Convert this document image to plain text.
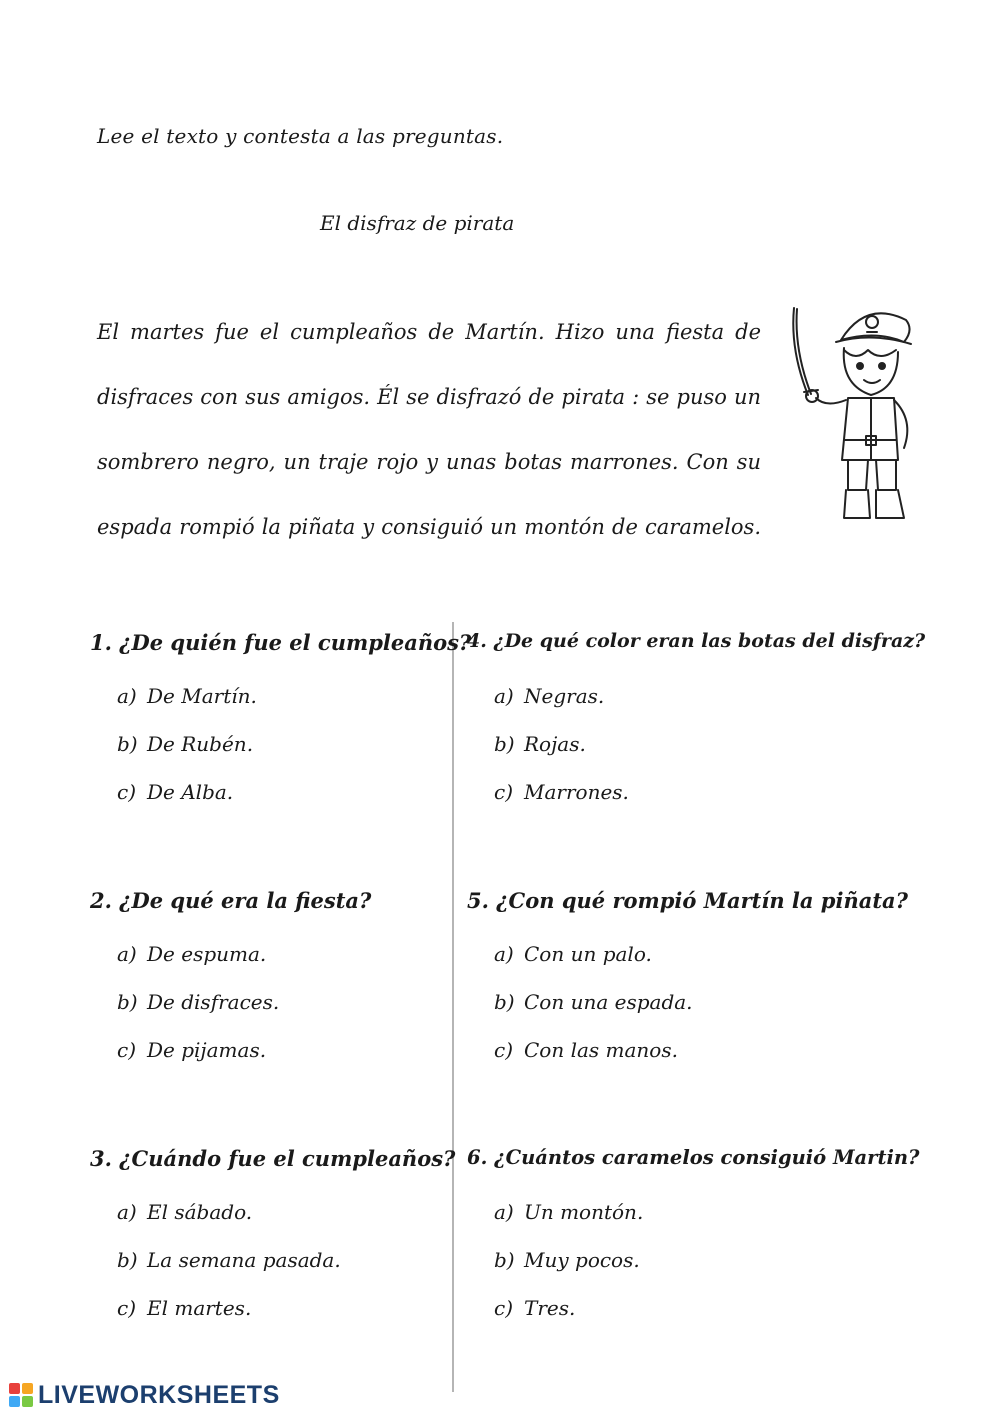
Lee el texto y contesta a las preguntas.
El disfraz de pirata
El martes fue el cumpleaños de Martín. Hizo una fiesta de
disfraces con sus amigos. Él se disfrazó de pirata : se puso un
sombrero negro, un traje rojo y unas botas marrones. Con su
espada rompió la piñata y consiguió un montón de caramelos.

1. ¿De quién fue el cumpleaños?

a) De Martín.
b) De Rubén.
c) De Alba.

2. ¿De qué era la fiesta?

a) De espuma.
b) De disfraces.
c) De pijamas.

3. ¿Cuándo fue el cumpleaños?

a) El sábado.
b) La semana pasada.
c) El martes.

4. ¿De qué color eran las botas del disfraz?

a) Negras.
b) Rojas.
c) Marrones.

5. ¿Con qué rompió Martín la piñata?

a) Con un palo.
b) Con una espada.
c) Con las manos.

6. ¿Cuántos caramelos consiguió Martin?

a) Un montón.
b) Muy pocos.
c) Tres.
LIVEWORKSHEETS
